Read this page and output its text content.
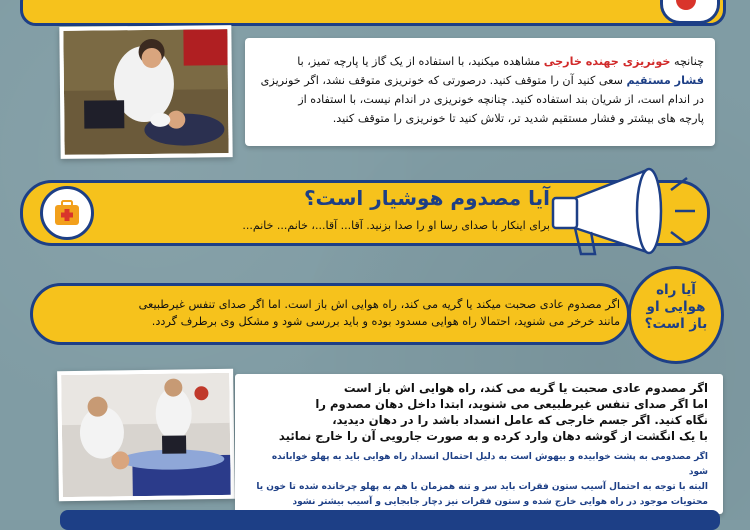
چنانچه خونریزی جهنده خارجی مشاهده میکنید، با استفاده از یک گاز یا پارچه تمیز، با
فشار مستقیم سعی کنید آن را متوقف کنید. درصورتی که خونریزی متوقف نشد، اگر خونریزی
در اندام است، از شریان بند استفاده کنید. چنانچه خونریزی در اندام نیست، با استفاده از
پارچه های بیشتر و فشار مستقیم شدید تر، تلاش کنید تا خونریزی را متوقف کنید.
آیا مصدوم هوشیار است؟
برای اینکار با صدای رسا او را صدا بزنید. آقا... آقا...، خانم... خانم...
اگر مصدوم عادی صحبت میکند یا گریه می کند، راه هوایی اش باز است. اما اگر صدای تنفس غیرطبیعی
مانند خرخر می شنوید، احتمالا راه هوایی مسدود بوده و باید بررسی شود و مشکل وی برطرف گردد.
آیا راه هوایی او باز است؟
اگر مصدوم عادی صحبت یا گریه می کند، راه هوایی اش باز است
اما اگر صدای تنفس غیرطبیعی می شنوید، ابتدا داخل دهان مصدوم را
نگاه کنید. اگر جسم خارجی که عامل انسداد باشد را در دهان دیدید،
با یک انگشت از گوشه دهان وارد کرده و به صورت جارویی آن را خارج نمائید
اگر مصدومی به پشت خوابیده و بیهوش است به دلیل احتمال انسداد راه هوایی باید به پهلو خوابانده شود
البته با توجه به احتمال آسیب ستون فقرات باید سر و تنه همزمان با هم به پهلو چرخانده شده تا خون یا
محتویات موجود در راه هوایی خارج شده و ستون فقرات نیز دچار جابجایی و آسیب بیشتر نشود
